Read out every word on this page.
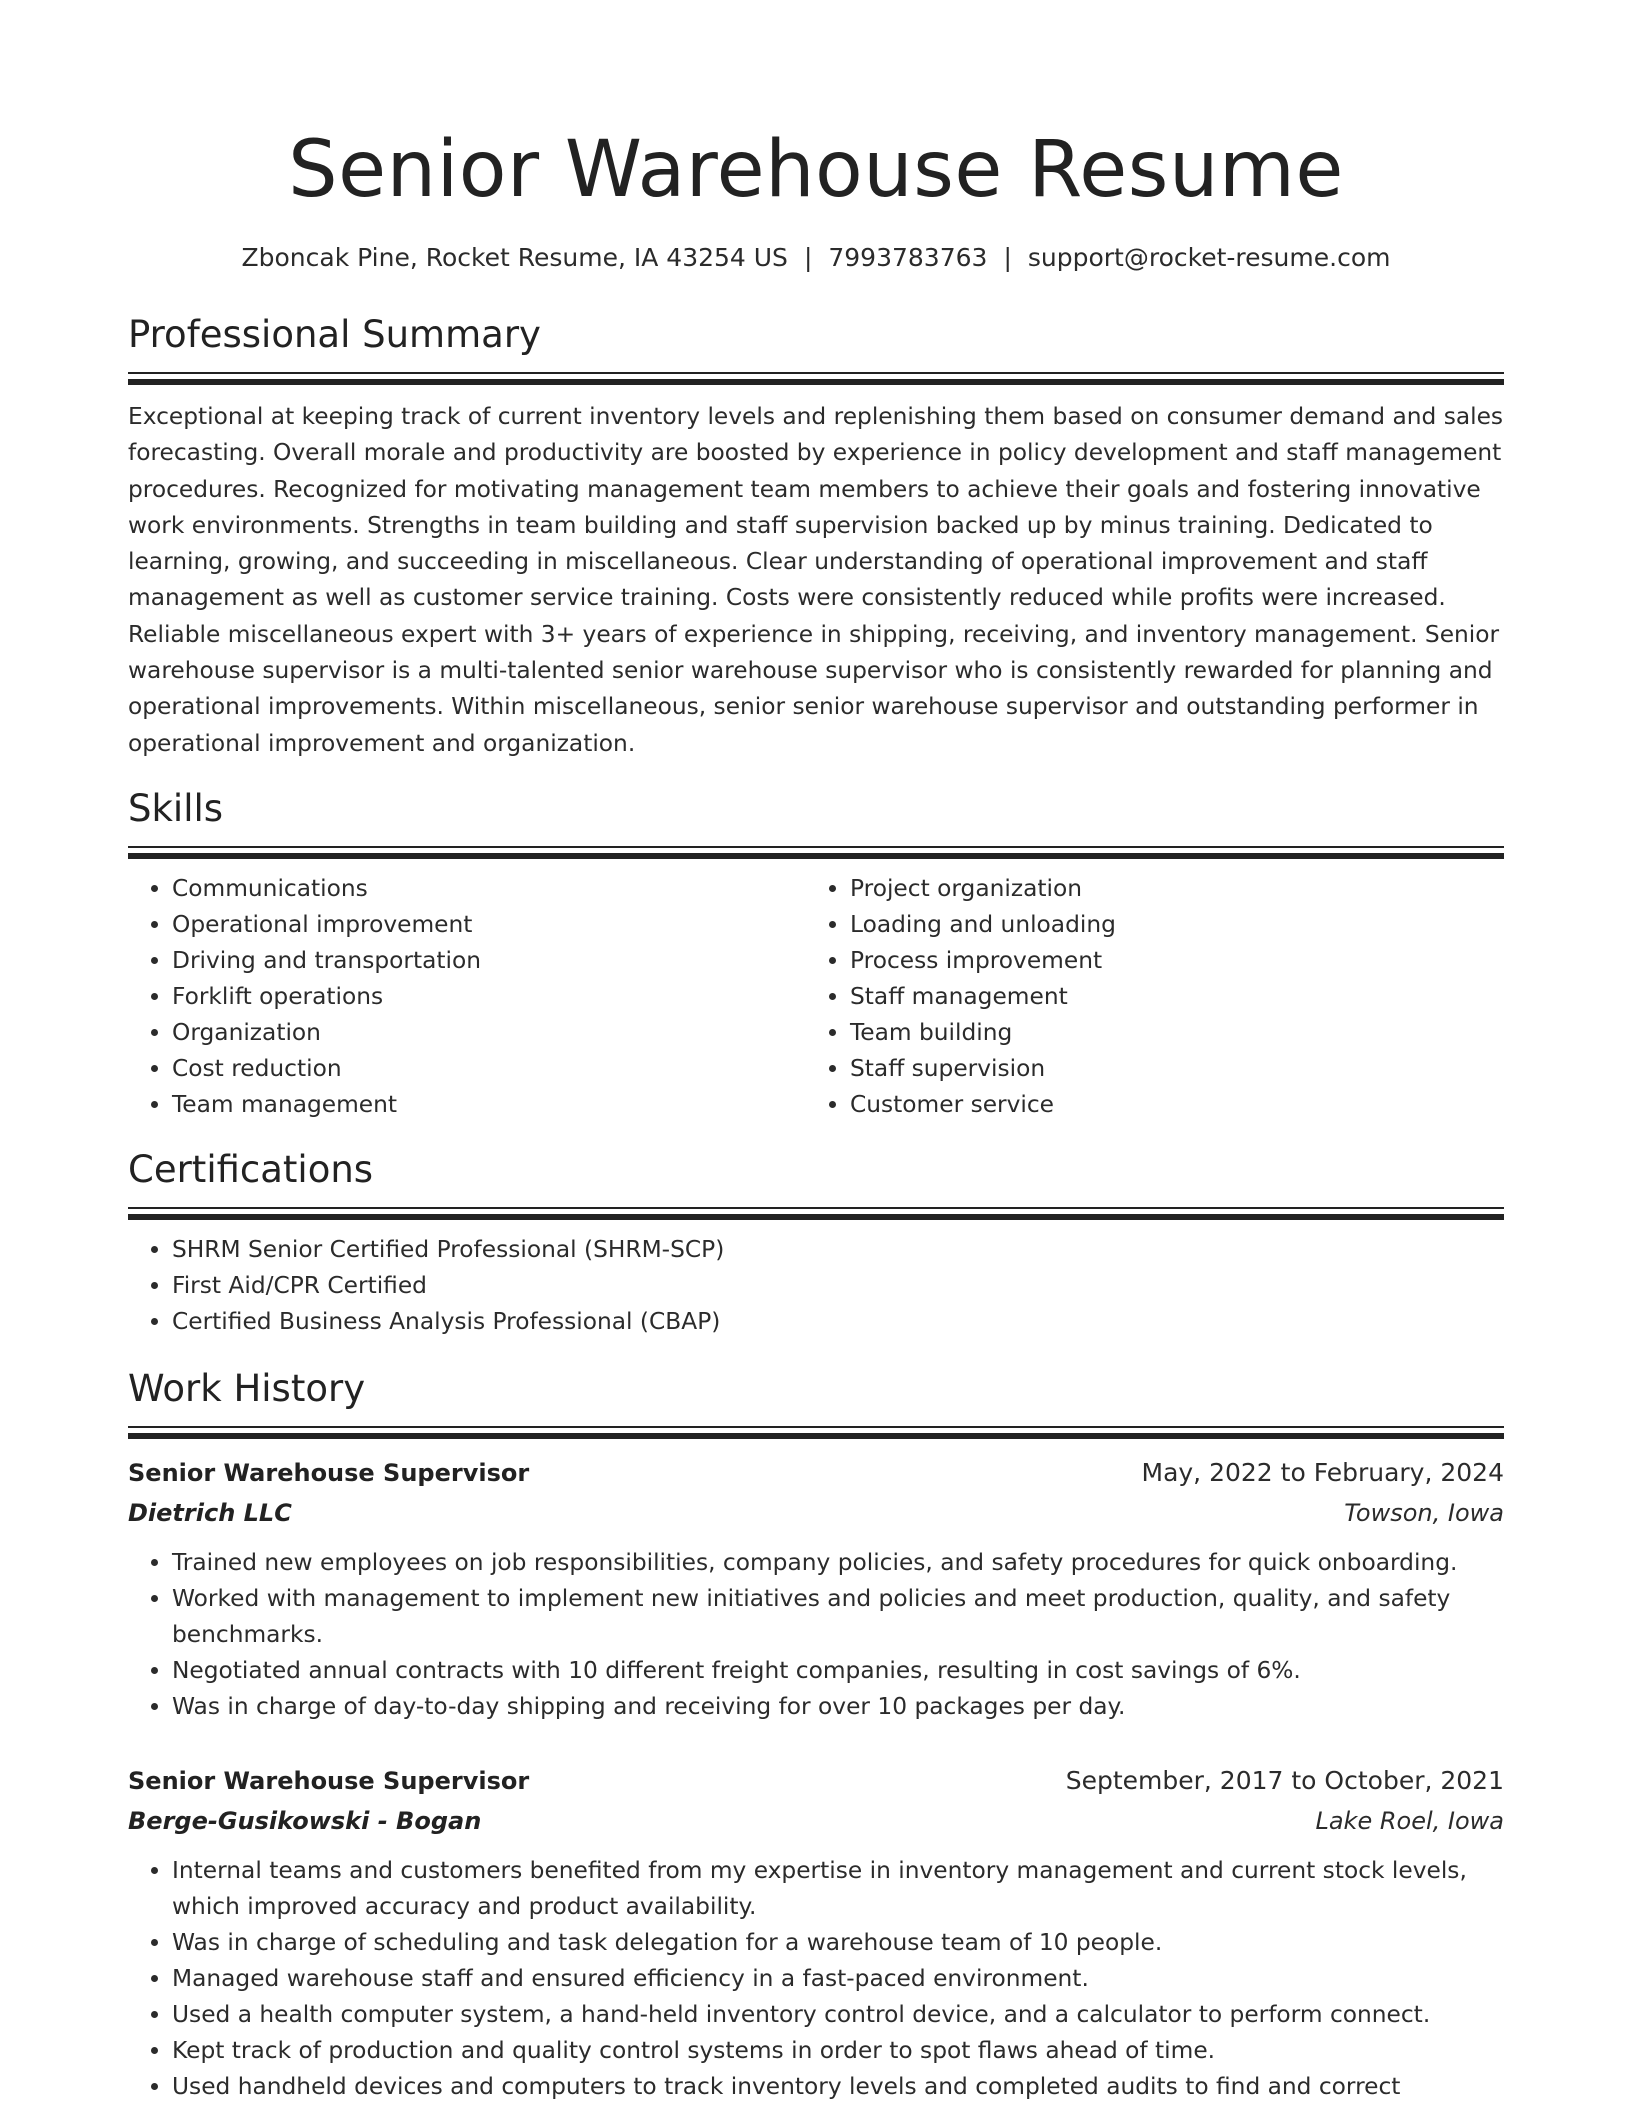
Senior Warehouse Resume
Zboncak Pine, Rocket Resume, IA 43254 US | 7993783763 | support@rocket-resume.com
Professional Summary
Exceptional at keeping track of current inventory levels and replenishing them based on consumer demand and sales forecasting. Overall morale and productivity are boosted by experience in policy development and staff management procedures. Recognized for motivating management team members to achieve their goals and fostering innovative work environments. Strengths in team building and staff supervision backed up by minus training. Dedicated to learning, growing, and succeeding in miscellaneous. Clear understanding of operational improvement and staff management as well as customer service training. Costs were consistently reduced while profits were increased. Reliable miscellaneous expert with 3+ years of experience in shipping, receiving, and inventory management. Senior warehouse supervisor is a multi-talented senior warehouse supervisor who is consistently rewarded for planning and operational improvements. Within miscellaneous, senior senior warehouse supervisor and outstanding performer in operational improvement and organization.
Skills
• Communications
• Operational improvement
• Driving and transportation
• Forklift operations
• Organization
• Cost reduction
• Team management
• Project organization
• Loading and unloading
• Process improvement
• Staff management
• Team building
• Staff supervision
• Customer service
Certifications
• SHRM Senior Certified Professional (SHRM-SCP)
• First Aid/CPR Certified
• Certified Business Analysis Professional (CBAP)
Work History
Senior Warehouse Supervisor	May, 2022 to February, 2024
Dietrich LLC	Towson, Iowa
• Trained new employees on job responsibilities, company policies, and safety procedures for quick onboarding.
• Worked with management to implement new initiatives and policies and meet production, quality, and safety benchmarks.
• Negotiated annual contracts with 10 different freight companies, resulting in cost savings of 6%.
• Was in charge of day-to-day shipping and receiving for over 10 packages per day.
Senior Warehouse Supervisor	September, 2017 to October, 2021
Berge-Gusikowski - Bogan	Lake Roel, Iowa
• Internal teams and customers benefited from my expertise in inventory management and current stock levels, which improved accuracy and product availability.
• Was in charge of scheduling and task delegation for a warehouse team of 10 people.
• Managed warehouse staff and ensured efficiency in a fast-paced environment.
• Used a health computer system, a hand-held inventory control device, and a calculator to perform connect.
• Kept track of production and quality control systems in order to spot flaws ahead of time.
• Used handheld devices and computers to track inventory levels and completed audits to find and correct
